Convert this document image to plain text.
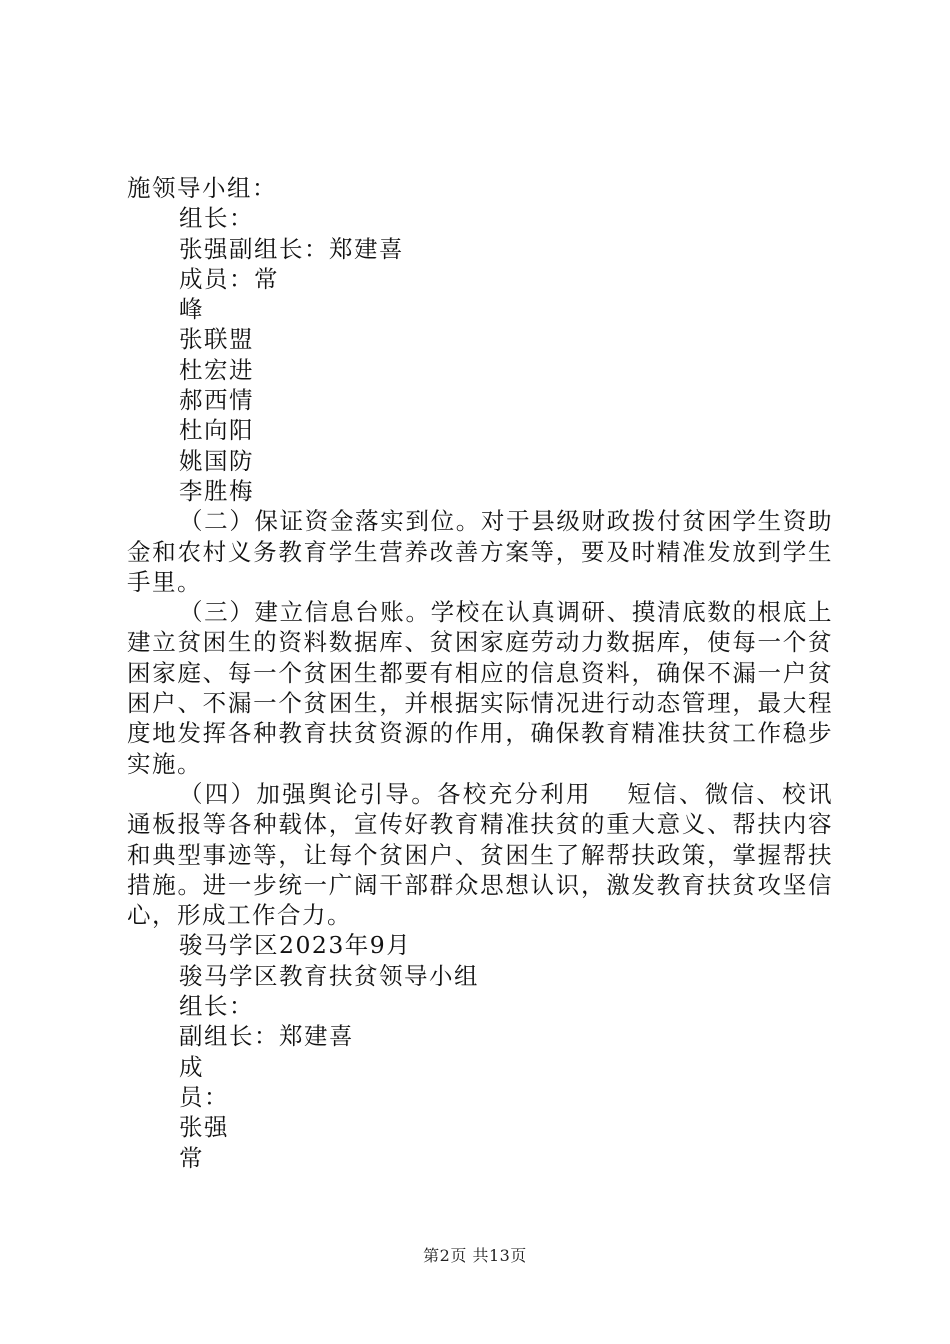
施领导小组：
组长：
张强副组长：郑建喜
成员：常
峰
张联盟
杜宏进
郝西情
杜向阳
姚国防
李胜梅

（二）保证资金落实到位。对于县级财政拨付贫困学生资助金和农村义务教育学生营养改善方案等，要及时精准发放到学生手里。

（三）建立信息台账。学校在认真调研、摸清底数的根底上建立贫困生的资料数据库、贫困家庭劳动力数据库，使每一个贫困家庭、每一个贫困生都要有相应的信息资料，确保不漏一户贫困户、不漏一个贫困生，并根据实际情况进行动态管理，最大程度地发挥各种教育扶贫资源的作用，确保教育精准扶贫工作稳步实施。

（四）加强舆论引导。各校充分利用　 短信、微信、校讯通板报等各种载体，宣传好教育精准扶贫的重大意义、帮扶内容和典型事迹等，让每个贫困户、贫困生了解帮扶政策，掌握帮扶措施。进一步统一广阔干部群众思想认识，激发教育扶贫攻坚信心，形成工作合力。

骏马学区2023年9月
骏马学区教育扶贫领导小组
组长：
副组长：郑建喜
成
员：
张强
常
第2页 共13页
